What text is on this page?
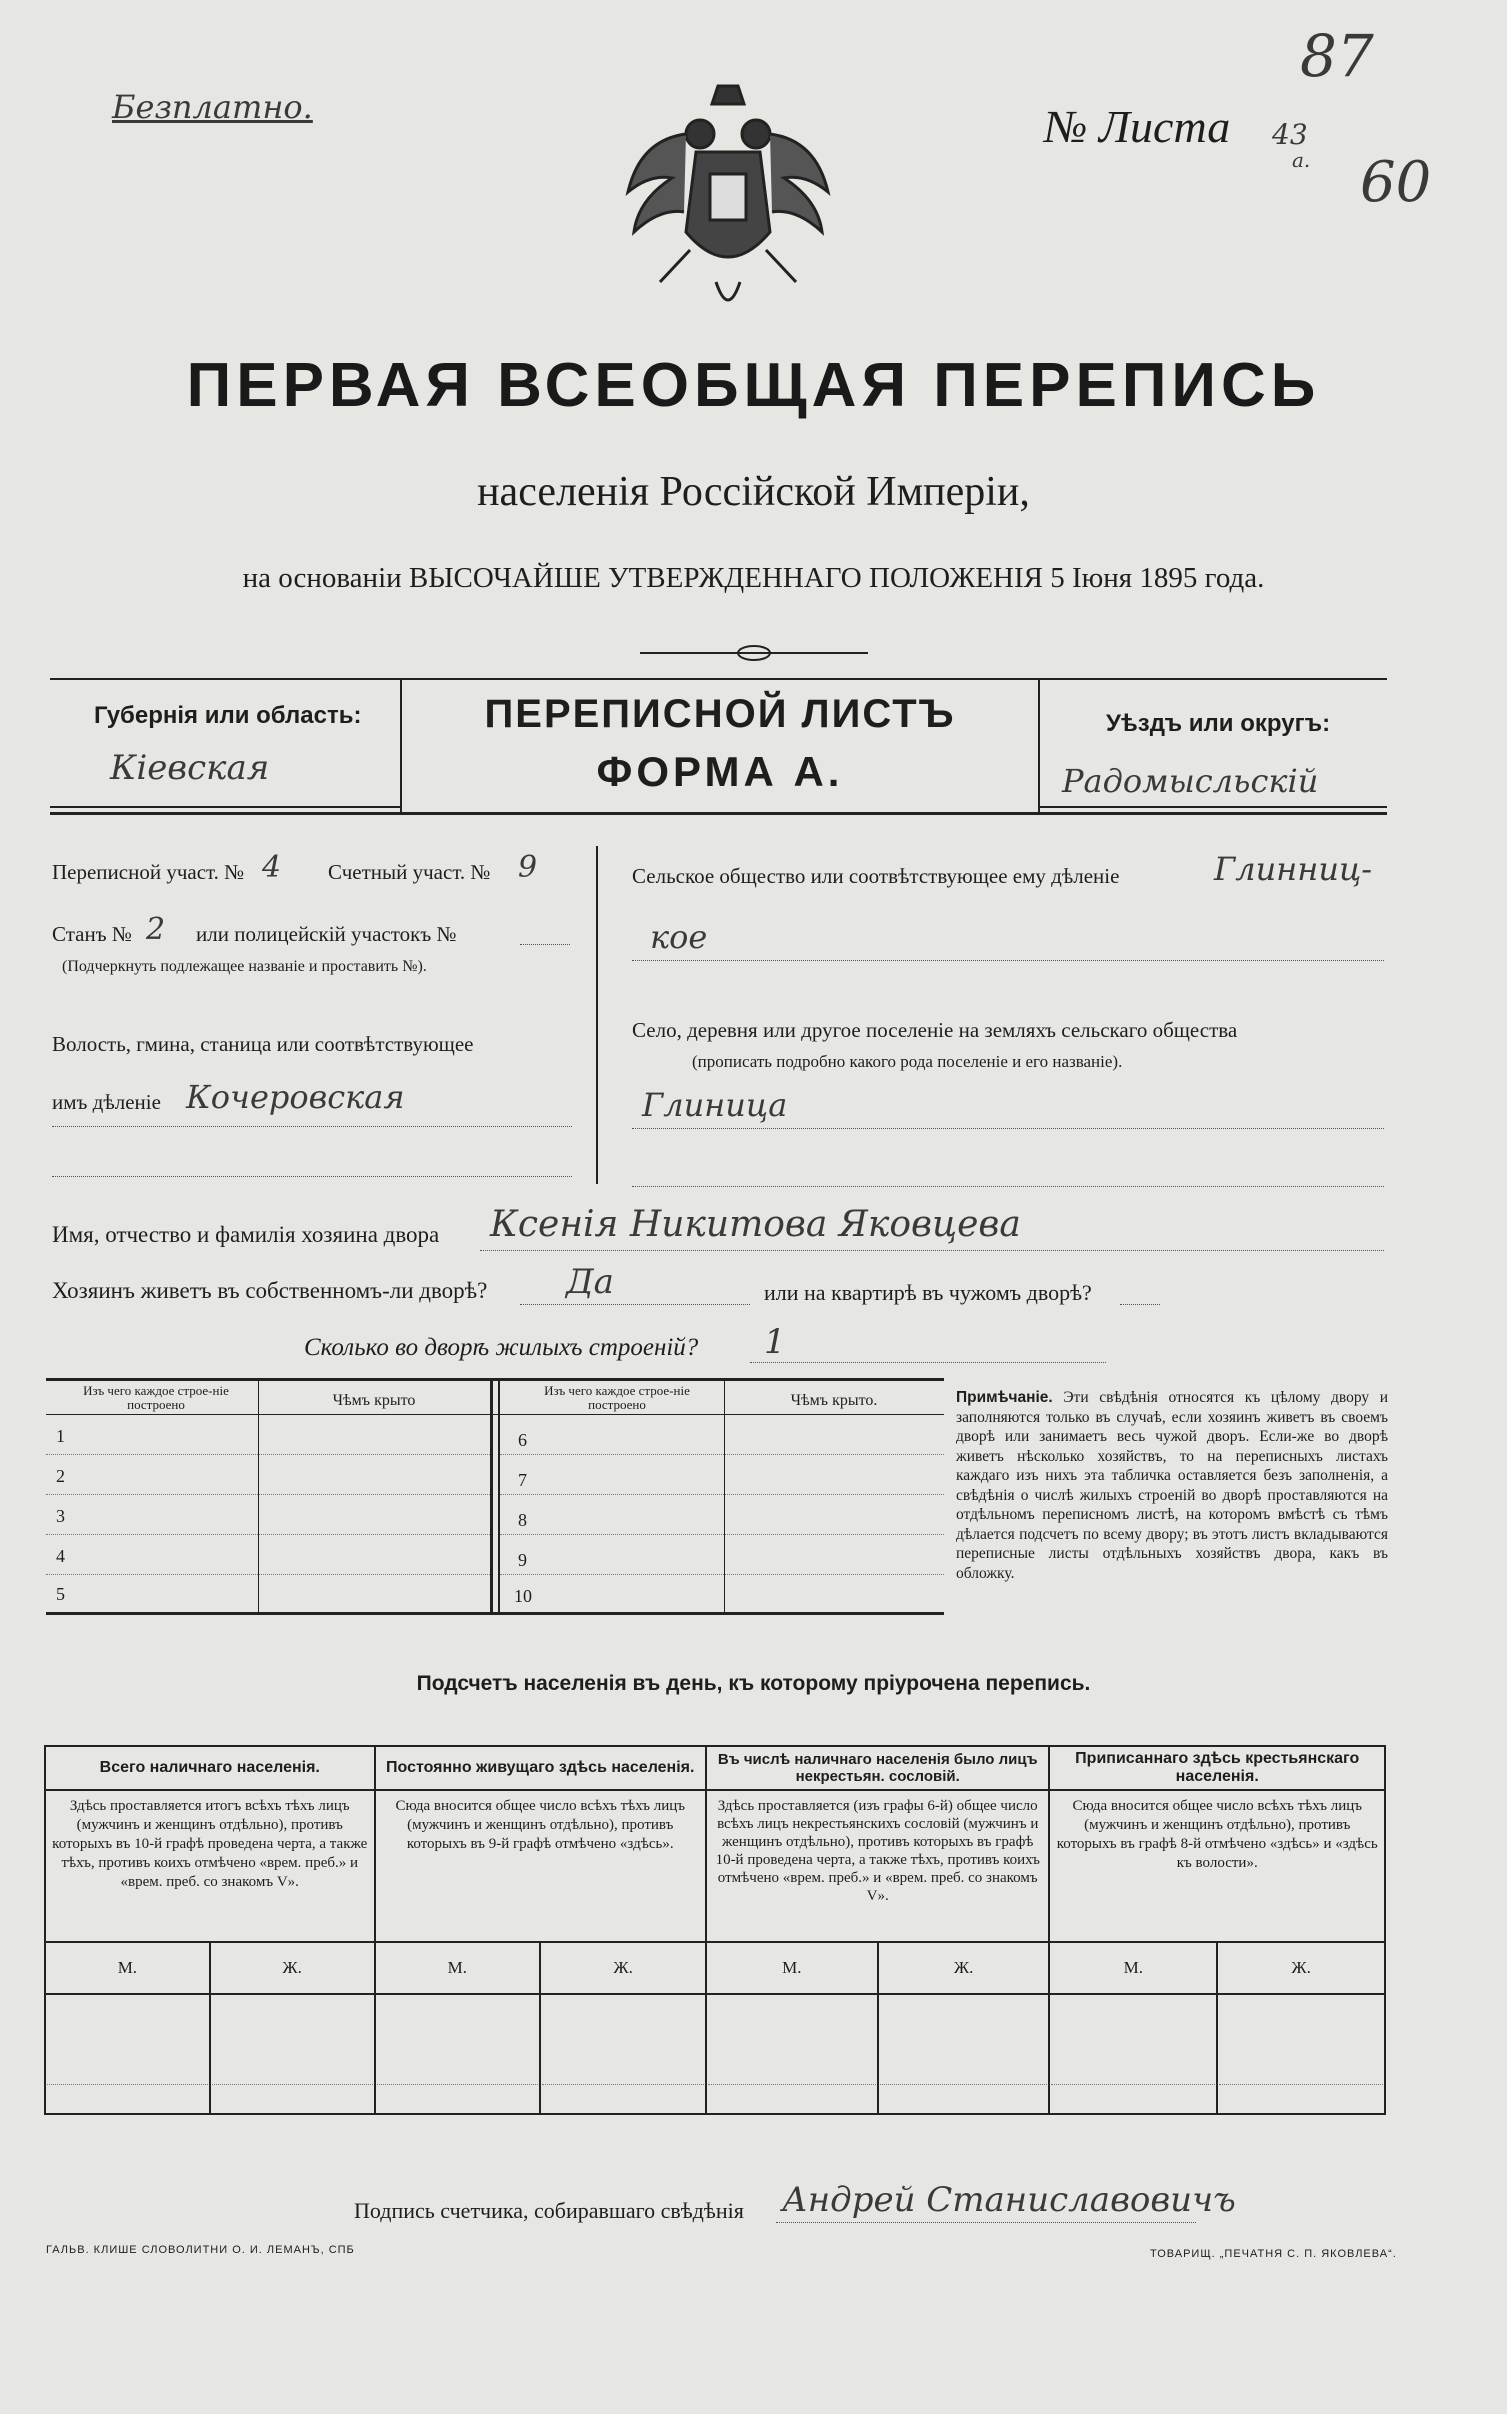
Безплатно.	№ Листа 43
а.
87
60
ПЕРВАЯ ВСЕОБЩАЯ ПЕРЕПИСЬ
населенія Россійской Имперіи,
на основаніи ВЫСОЧАЙШЕ УТВЕРЖДЕННАГО ПОЛОЖЕНІЯ 5 Іюня 1895 года.
Губернія или область:
Кіевская
ПЕРЕПИСНОЙ ЛИСТЪ
ФОРМА А.
Уѣздъ или округъ:
Радомысльскій
Переписной участ. № 4 Счетный участ. № 9
Станъ № 2 или полицейскій участокъ №
(Подчеркнуть подлежащее названіе и проставить №).
Волость, гмина, станица или соотвѣтствующее
имъ дѣленіе Кочеровская
Сельское общество или соотвѣтствующее ему дѣленіе	Глинниц-
кое
Село, деревня или другое поселеніе на земляхъ сельскаго общества
(прописать подробно какого рода поселеніе и его названіе).
Глиница
Имя, отчество и фамилія хозяина двора Ксенія Никитова Яковцева
Хозяинъ живетъ въ собственномъ-ли дворѣ? Да	или на квартирѣ въ чужомъ дворѣ?
Сколько во дворѣ жилыхъ строеній? 1
Изъ чего каждое строе-ніе построено	Чѣмъ крыто
Изъ чего каждое строе-ніе построено	Чѣмъ крыто.
1
2
3
4
5
6
7
8
9
10
Примѣчаніе. Эти свѣдѣнія относятся къ цѣлому двору и заполняются только въ случаѣ, если хозяинъ живетъ въ своемъ дворѣ или занимаетъ весь чужой дворъ. Если-же во дворѣ живетъ нѣсколько хозяйствъ, то на переписныхъ листахъ каждаго изъ нихъ эта табличка оставляется безъ заполненія, а свѣдѣнія о числѣ жилыхъ строеній во дворѣ проставляются на отдѣльномъ переписномъ листѣ, на которомъ вмѣстѣ съ тѣмъ дѣлается подсчетъ по всему двору; въ этотъ листъ вкладываются переписные листы отдѣльныхъ хозяйствъ двора, какъ въ обложку.
Подсчетъ населенія въ день, къ которому пріурочена перепись.
Всего наличнаго населенія.		Постоянно живущаго здѣсь населенія.		Въ числѣ наличнаго населенія было лицъ некрестьян. сословій.		Приписаннаго здѣсь крестьянскаго населенія.	
Здѣсь проставляется итогъ всѣхъ тѣхъ лицъ (мужчинъ и женщинъ отдѣльно), противъ которыхъ въ 10-й графѣ проведена черта, а также тѣхъ, противъ коихъ отмѣчено «врем. преб.» и «врем. преб. со знакомъ V».		Сюда вносится общее число всѣхъ тѣхъ лицъ (мужчинъ и женщинъ отдѣльно), противъ которыхъ въ 9-й графѣ отмѣчено «здѣсь».		Здѣсь проставляется (изъ графы 6-й) общее число всѣхъ лицъ некрестьянскихъ сословій (мужчинъ и женщинъ отдѣльно), противъ которыхъ въ графѣ 10-й проведена черта, а также тѣхъ, противъ коихъ отмѣчено «врем. преб.» и «врем. преб. со знакомъ V».		Сюда вносится общее число всѣхъ тѣхъ лицъ (мужчинъ и женщинъ отдѣльно), противъ которыхъ въ графѣ 8-й отмѣчено «здѣсь» и «здѣсь къ волости».	
М.	Ж.	М.	Ж.	М.	Ж.	М.	Ж.

Подпись счетчика, собиравшаго свѣдѣнія Андрей Станиславовичъ
ГАЛЬВ. КЛИШЕ СЛОВОЛИТНИ О. И. ЛЕМАНЪ, СПБ	ТОВАРИЩ. „ПЕЧАТНЯ С. П. ЯКОВЛЕВА“.
